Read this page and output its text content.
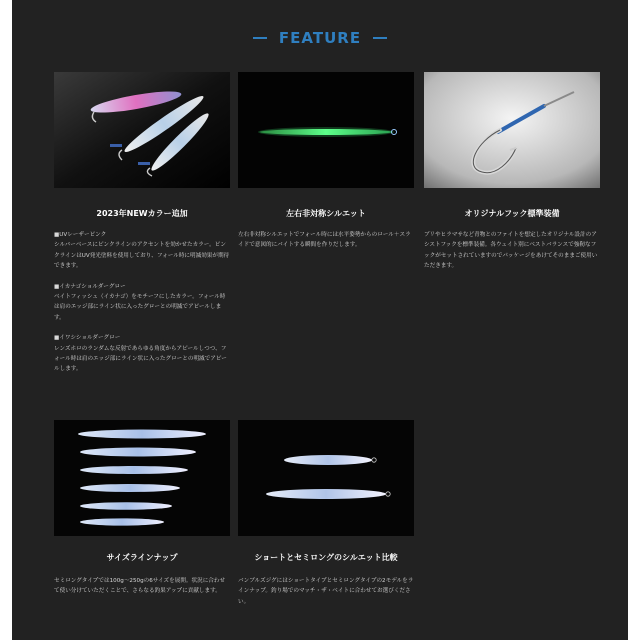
FEATURE
2023年NEWカラー追加

■UVレーザーピンク
シルバーベースにピンクラインのアクセントを効かせたカラー。ピンクラインはUV発光塗料を使用しており、フォール時に明滅効果が期待できます。

■イカナゴショルダーグロー
ベイトフィッシュ（イカナゴ）をモチーフにしたカラー。フォール時は肩のエッジ部にライン状に入ったグローとの明滅でアピールします。

■イワシショルダーグロー
レンズホロのランダムな反射であらゆる角度からアピールしつつ、フォール時は肩のエッジ部にライン状に入ったグローとの明滅でアピールします。

左右非対称シルエット

左右非対称シルエットでフォール時には水平姿勢からのロール＋スライドで意図的にバイトする瞬間を作りだします。

オリジナルフック標準装備

ブリやヒラマサなど青物とのファイトを想定したオリジナル設計のアシストフックを標準装備。各ウェイト別にベストバランスで強靭なフックがセットされていますのでパッケージをあけてそのままご使用いただきます。

サイズラインナップ

セミロングタイプでは100g～250gの6サイズを展開。状況に合わせて使い分けていただくことで、さらなる釣果アップに貢献します。

ショートとセミロングのシルエット比較

バンブルズジグにはショートタイプとセミロングタイプの2モデルをラインナップ。釣り場でのマッチ・ザ・ベイトに合わせてお選びください。
